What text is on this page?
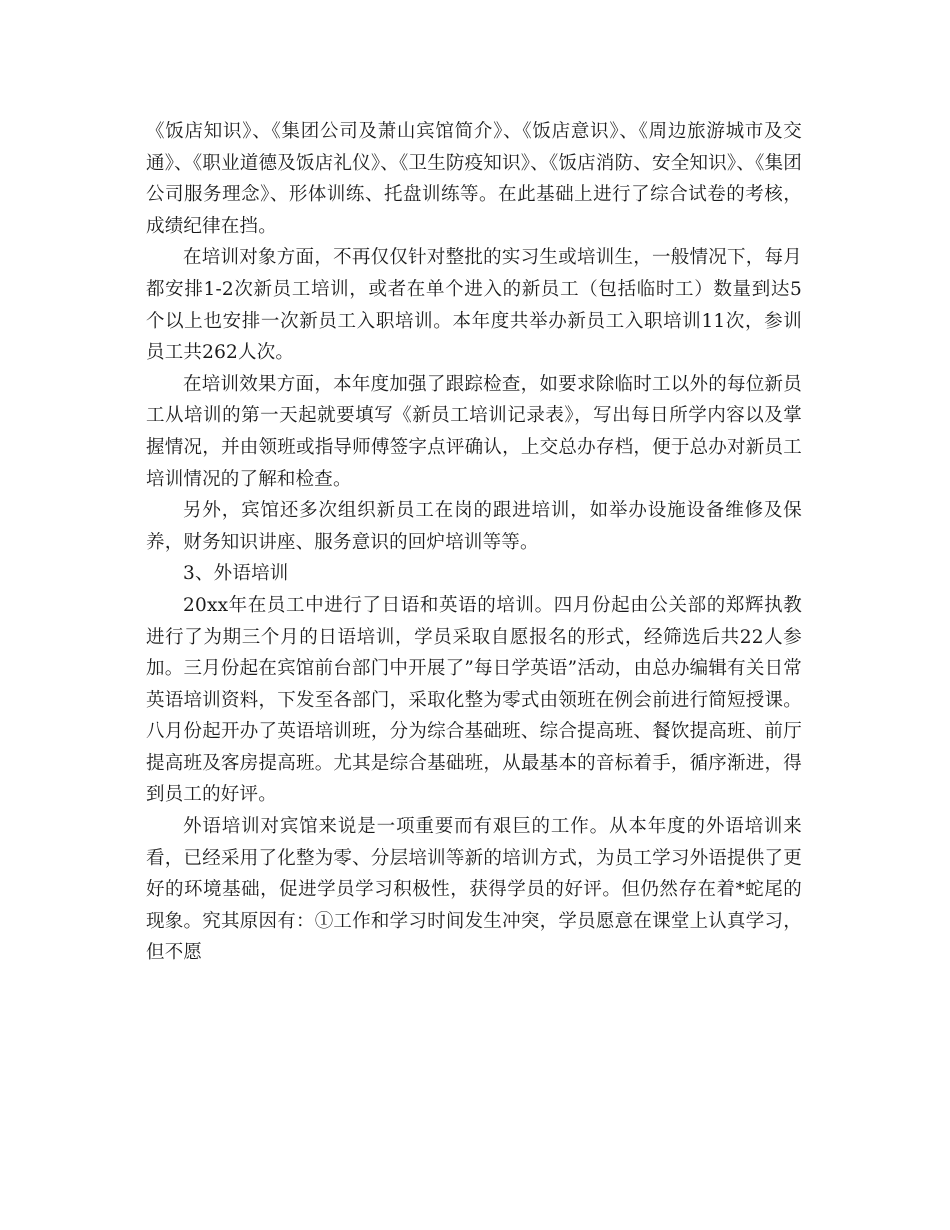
《饭店知识》、《集团公司及萧山宾馆简介》、《饭店意识》、《周边旅游城市及交通》、《职业道德及饭店礼仪》、《卫生防疫知识》、《饭店消防、安全知识》、《集团公司服务理念》、形体训练、托盘训练等。在此基础上进行了综合试卷的考核，成绩纪律在挡。

在培训对象方面，不再仅仅针对整批的实习生或培训生，一般情况下，每月都安排1-2次新员工培训，或者在单个进入的新员工（包括临时工）数量到达5个以上也安排一次新员工入职培训。本年度共举办新员工入职培训11次，参训员工共262人次。

在培训效果方面，本年度加强了跟踪检查，如要求除临时工以外的每位新员工从培训的第一天起就要填写《新员工培训记录表》，写出每日所学内容以及掌握情况，并由领班或指导师傅签字点评确认，上交总办存档，便于总办对新员工培训情况的了解和检查。

另外，宾馆还多次组织新员工在岗的跟进培训，如举办设施设备维修及保养，财务知识讲座、服务意识的回炉培训等等。

3、外语培训

20xx年在员工中进行了日语和英语的培训。四月份起由公关部的郑辉执教进行了为期三个月的日语培训，学员采取自愿报名的形式，经筛选后共22人参加。三月份起在宾馆前台部门中开展了”每日学英语”活动，由总办编辑有关日常英语培训资料，下发至各部门，采取化整为零式由领班在例会前进行简短授课。八月份起开办了英语培训班，分为综合基础班、综合提高班、餐饮提高班、前厅提高班及客房提高班。尤其是综合基础班，从最基本的音标着手，循序渐进，得到员工的好评。

外语培训对宾馆来说是一项重要而有艰巨的工作。从本年度的外语培训来看，已经采用了化整为零、分层培训等新的培训方式，为员工学习外语提供了更好的环境基础，促进学员学习积极性，获得学员的好评。但仍然存在着*蛇尾的现象。究其原因有：①工作和学习时间发生冲突，学员愿意在课堂上认真学习，但不愿
